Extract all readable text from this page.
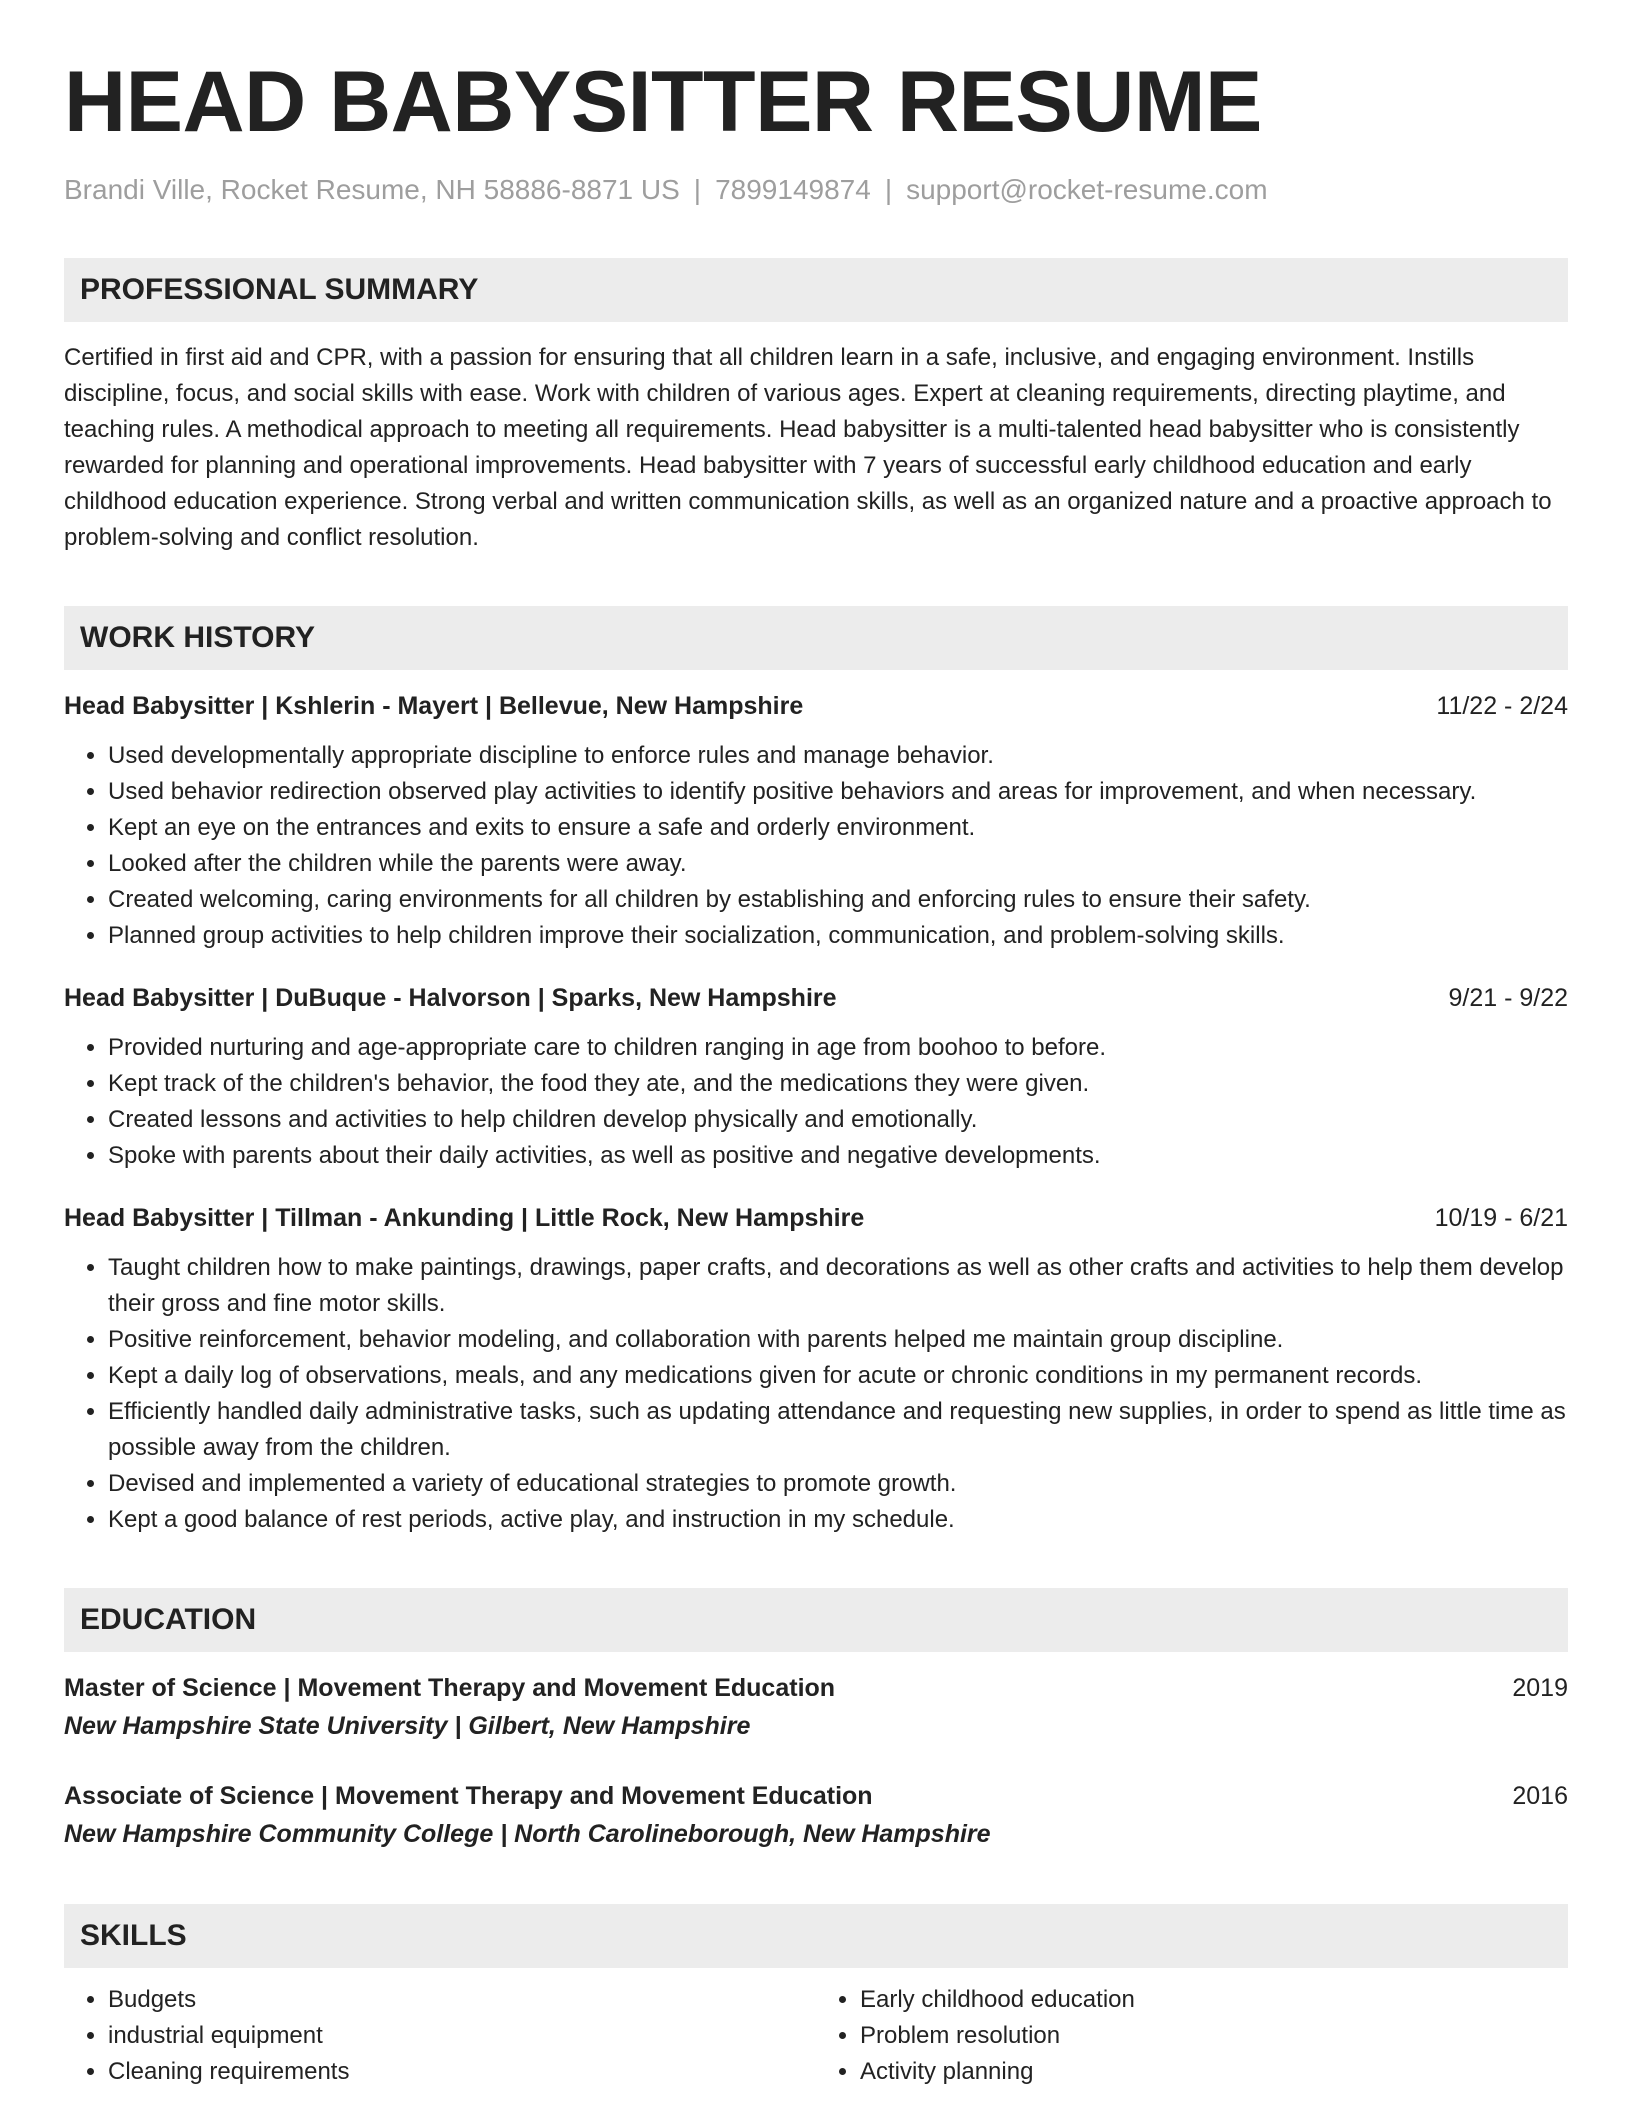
HEAD BABYSITTER RESUME
Brandi Ville, Rocket Resume, NH 58886-8871 US | 7899149874 | support@rocket-resume.com
PROFESSIONAL SUMMARY
Certified in first aid and CPR, with a passion for ensuring that all children learn in a safe, inclusive, and engaging environment. Instills discipline, focus, and social skills with ease. Work with children of various ages. Expert at cleaning requirements, directing playtime, and teaching rules. A methodical approach to meeting all requirements. Head babysitter is a multi-talented head babysitter who is consistently rewarded for planning and operational improvements. Head babysitter with 7 years of successful early childhood education and early childhood education experience. Strong verbal and written communication skills, as well as an organized nature and a proactive approach to problem-solving and conflict resolution.
WORK HISTORY
Head Babysitter | Kshlerin - Mayert | Bellevue, New Hampshire	11/22 - 2/24
• Used developmentally appropriate discipline to enforce rules and manage behavior.
• Used behavior redirection observed play activities to identify positive behaviors and areas for improvement, and when necessary.
• Kept an eye on the entrances and exits to ensure a safe and orderly environment.
• Looked after the children while the parents were away.
• Created welcoming, caring environments for all children by establishing and enforcing rules to ensure their safety.
• Planned group activities to help children improve their socialization, communication, and problem-solving skills.
Head Babysitter | DuBuque - Halvorson | Sparks, New Hampshire	9/21 - 9/22
• Provided nurturing and age-appropriate care to children ranging in age from boohoo to before.
• Kept track of the children's behavior, the food they ate, and the medications they were given.
• Created lessons and activities to help children develop physically and emotionally.
• Spoke with parents about their daily activities, as well as positive and negative developments.
Head Babysitter | Tillman - Ankunding | Little Rock, New Hampshire	10/19 - 6/21
• Taught children how to make paintings, drawings, paper crafts, and decorations as well as other crafts and activities to help them develop their gross and fine motor skills.
• Positive reinforcement, behavior modeling, and collaboration with parents helped me maintain group discipline.
• Kept a daily log of observations, meals, and any medications given for acute or chronic conditions in my permanent records.
• Efficiently handled daily administrative tasks, such as updating attendance and requesting new supplies, in order to spend as little time as possible away from the children.
• Devised and implemented a variety of educational strategies to promote growth.
• Kept a good balance of rest periods, active play, and instruction in my schedule.
EDUCATION
Master of Science | Movement Therapy and Movement Education	2019
New Hampshire State University | Gilbert, New Hampshire
Associate of Science | Movement Therapy and Movement Education	2016
New Hampshire Community College | North Carolineborough, New Hampshire
SKILLS
• Budgets
• industrial equipment
• Cleaning requirements
• Early childhood education
• Problem resolution
• Activity planning
